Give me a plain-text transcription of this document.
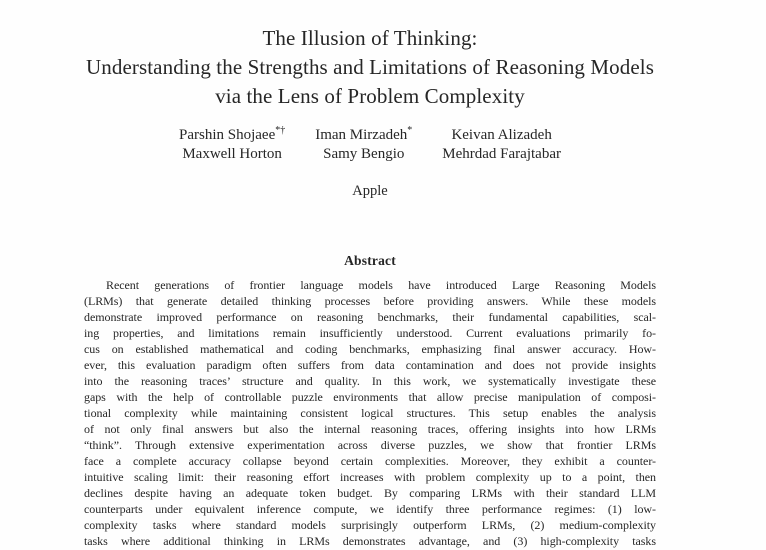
The Illusion of Thinking:
Understanding the Strengths and Limitations of Reasoning Models
via the Lens of Problem Complexity
Parshin Shojaee*† Iman Mirzadeh*	Keivan Alizadeh
Maxwell Horton	Samy Bengio	Mehrdad Farajtabar
Apple
Abstract
Recent generations of frontier language models have introduced Large Reasoning Models
(LRMs) that generate detailed thinking processes before providing answers. While these models
demonstrate improved performance on reasoning benchmarks, their fundamental capabilities, scal-
ing properties, and limitations remain insufficiently understood. Current evaluations primarily fo-
cus on established mathematical and coding benchmarks, emphasizing final answer accuracy. How-
ever, this evaluation paradigm often suffers from data contamination and does not provide insights
into the reasoning traces’ structure and quality. In this work, we systematically investigate these
gaps with the help of controllable puzzle environments that allow precise manipulation of composi-
tional complexity while maintaining consistent logical structures. This setup enables the analysis
of not only final answers but also the internal reasoning traces, offering insights into how LRMs
“think”. Through extensive experimentation across diverse puzzles, we show that frontier LRMs
face a complete accuracy collapse beyond certain complexities. Moreover, they exhibit a counter-
intuitive scaling limit: their reasoning effort increases with problem complexity up to a point, then
declines despite having an adequate token budget. By comparing LRMs with their standard LLM
counterparts under equivalent inference compute, we identify three performance regimes: (1) low-
complexity tasks where standard models surprisingly outperform LRMs, (2) medium-complexity
tasks where additional thinking in LRMs demonstrates advantage, and (3) high-complexity tasks
